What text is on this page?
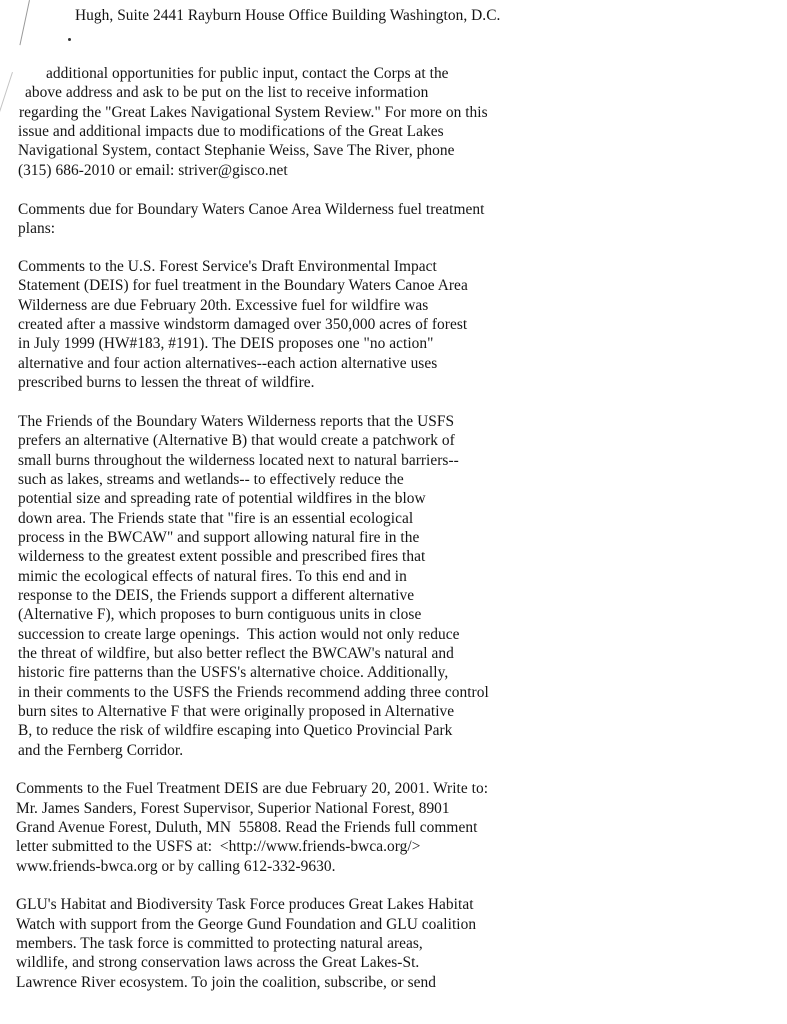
Hugh, Suite 2441 Rayburn House Office Building Washington, D.C.
additional opportunities for public input, contact the Corps at the
above address and ask to be put on the list to receive information
regarding the "Great Lakes Navigational System Review." For more on this
issue and additional impacts due to modifications of the Great Lakes
Navigational System, contact Stephanie Weiss, Save The River, phone
(315) 686-2010 or email: striver@gisco.net
Comments due for Boundary Waters Canoe Area Wilderness fuel treatment
plans:
Comments to the U.S. Forest Service's Draft Environmental Impact
Statement (DEIS) for fuel treatment in the Boundary Waters Canoe Area
Wilderness are due February 20th. Excessive fuel for wildfire was
created after a massive windstorm damaged over 350,000 acres of forest
in July 1999 (HW#183, #191). The DEIS proposes one "no action"
alternative and four action alternatives--each action alternative uses
prescribed burns to lessen the threat of wildfire.
The Friends of the Boundary Waters Wilderness reports that the USFS
prefers an alternative (Alternative B) that would create a patchwork of
small burns throughout the wilderness located next to natural barriers--
such as lakes, streams and wetlands-- to effectively reduce the
potential size and spreading rate of potential wildfires in the blow
down area. The Friends state that "fire is an essential ecological
process in the BWCAW" and support allowing natural fire in the
wilderness to the greatest extent possible and prescribed fires that
mimic the ecological effects of natural fires. To this end and in
response to the DEIS, the Friends support a different alternative
(Alternative F), which proposes to burn contiguous units in close
succession to create large openings.  This action would not only reduce
the threat of wildfire, but also better reflect the BWCAW's natural and
historic fire patterns than the USFS's alternative choice. Additionally,
in their comments to the USFS the Friends recommend adding three control
burn sites to Alternative F that were originally proposed in Alternative
B, to reduce the risk of wildfire escaping into Quetico Provincial Park
and the Fernberg Corridor.
Comments to the Fuel Treatment DEIS are due February 20, 2001. Write to:
Mr. James Sanders, Forest Supervisor, Superior National Forest, 8901
Grand Avenue Forest, Duluth, MN  55808. Read the Friends full comment
letter submitted to the USFS at:  <http://www.friends-bwca.org/>
www.friends-bwca.org or by calling 612-332-9630.
GLU's Habitat and Biodiversity Task Force produces Great Lakes Habitat
Watch with support from the George Gund Foundation and GLU coalition
members. The task force is committed to protecting natural areas,
wildlife, and strong conservation laws across the Great Lakes-St.
Lawrence River ecosystem. To join the coalition, subscribe, or send
